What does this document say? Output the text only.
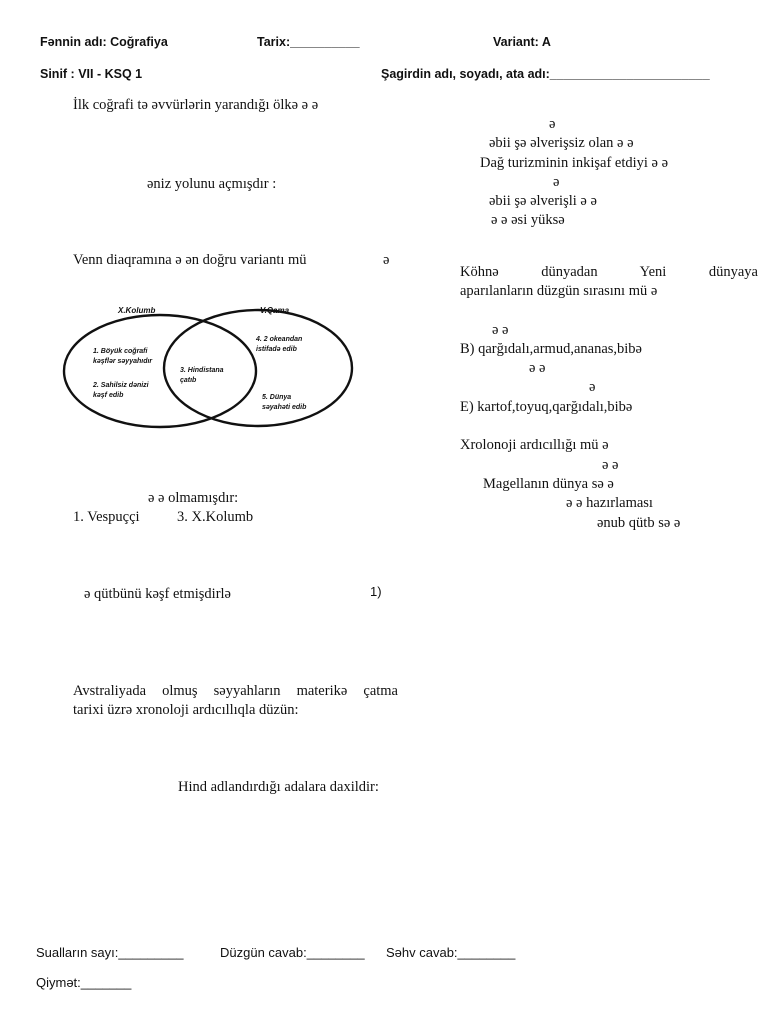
Fənnin adı: Coğrafiya	Tarix:__________	Variant: A
Sinif : VII - KSQ 1	Şagirdin adı, soyadı, ata adı:_______________________
İlk coğrafi tə əvvürlərin yarandığı ölkə ə ə
əniz yolunu açmışdır :
Venn diaqramına ə ən doğru variantı mü	ə
X.Kolumb	V.Qama
1. Böyük coğrafi
kəşflər səyyahıdır
2. Sahilsiz dənizi
kəşf edib
3. Hindistana
çatıb
4. 2 okeandan
istifadə edib
5. Dünya
səyahəti edib
ə ə olmamışdır:
1. Vespuççi	3. X.Kolumb
ə qütbünü kəşf etmişdirlə	1)
Avstraliyada olmuş səyyahların materikə çatma
tarixi üzrə xronoloji ardıcıllıqla düzün:
Hind adlandırdığı adalara daxildir:
ə
əbii şə əlverişsiz olan ə ə
Dağ turizminin inkişaf etdiyi ə ə
ə
əbii şə əlverişli ə ə
ə ə əsi yüksə
Köhnə dünyadan Yeni dünyaya
aparılanların düzgün sırasını mü ə
ə ə
B) qarğıdalı,armud,ananas,bibə
ə ə
ə
E) kartof,toyuq,qarğıdalı,bibə
Xrolonoji ardıcıllığı mü ə
ə ə
Magellanın dünya sə ə
ə ə hazırlaması
ənub qütb sə ə
Sualların sayı:_________	Düzgün cavab:________ Səhv cavab:________
Qiymət:_______
